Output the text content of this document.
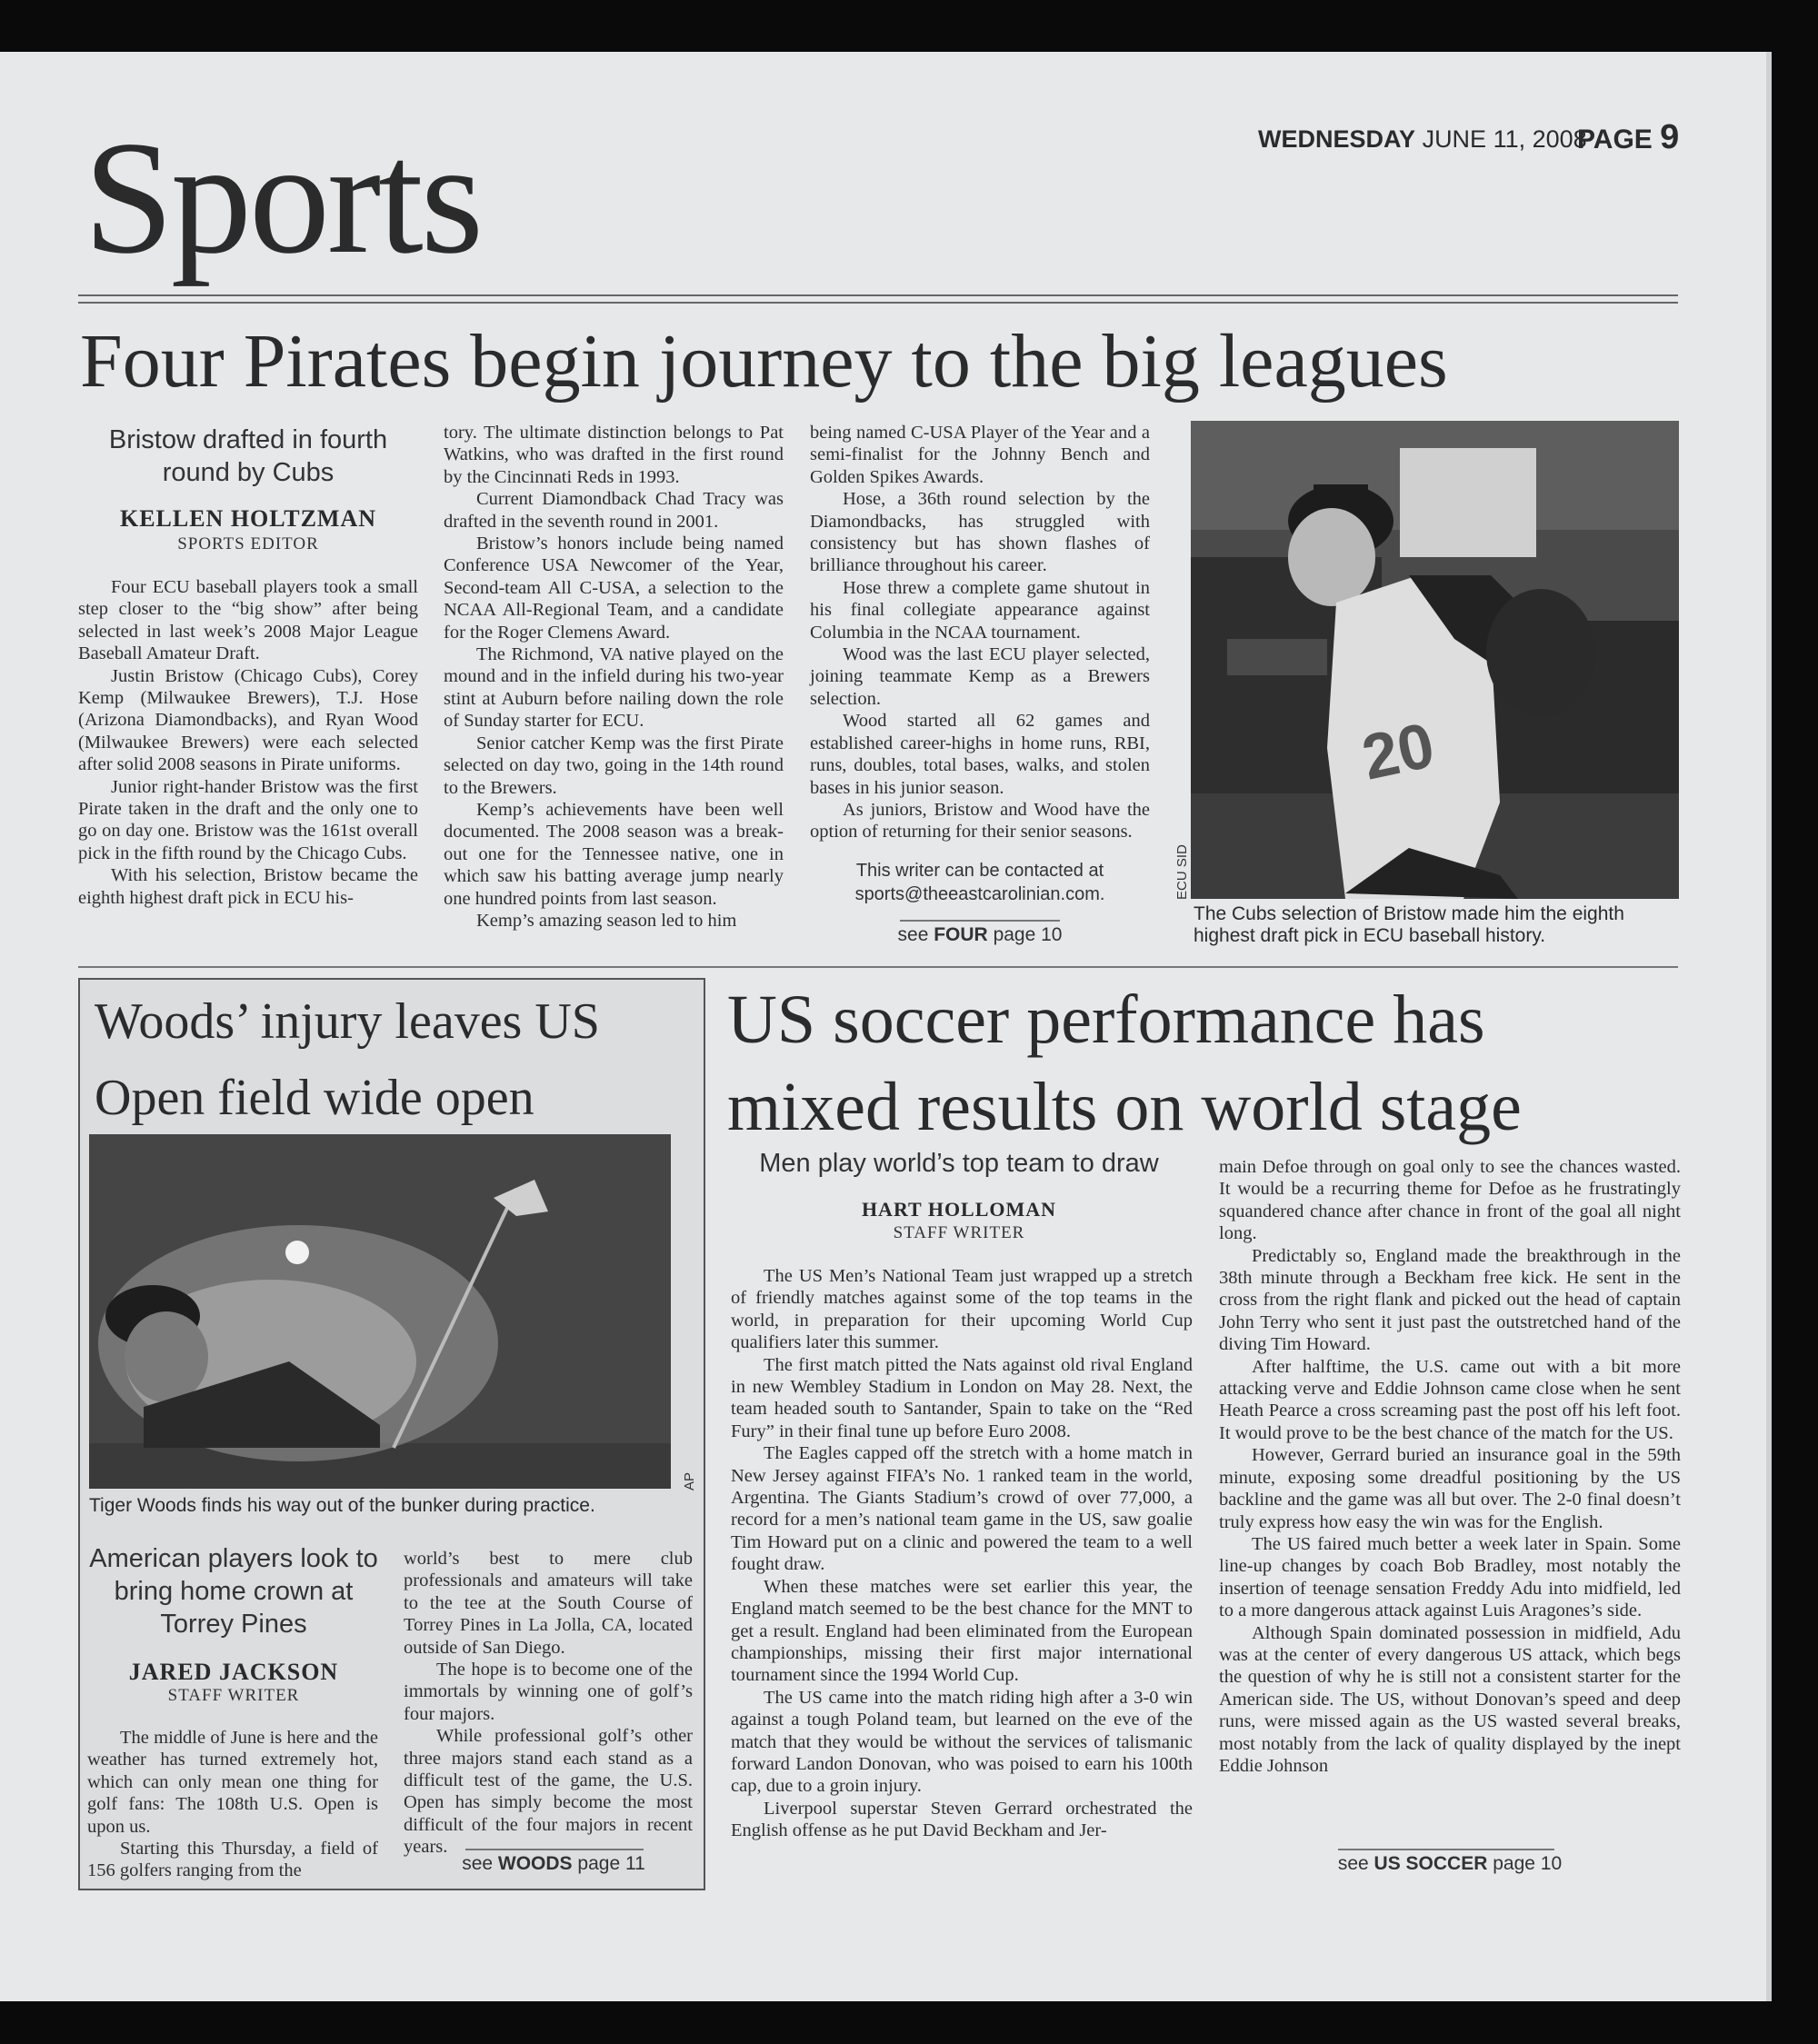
Sports	WEDNESDAY JUNE 11, 2008
PAGE 9
Four Pirates begin journey to the big leagues
Bristow drafted in fourth round by Cubs
KELLEN HOLTZMAN
SPORTS EDITOR

Four ECU baseball players took a small step closer to the “big show” after being selected in last week’s 2008 Major League Baseball Amateur Draft.

Justin Bristow (Chicago Cubs), Corey Kemp (Milwaukee Brewers), T.J. Hose (Arizona Diamondbacks), and Ryan Wood (Milwaukee Brewers) were each selected after solid 2008 seasons in Pirate uniforms.

Junior right-hander Bristow was the first Pirate taken in the draft and the only one to go on day one. Bristow was the 161st overall pick in the fifth round by the Chicago Cubs.

With his selection, Bristow became the eighth highest draft pick in ECU his-

tory. The ultimate distinction belongs to Pat Watkins, who was drafted in the first round by the Cincinnati Reds in 1993.

Current Diamondback Chad Tracy was drafted in the seventh round in 2001.

Bristow’s honors include being named Conference USA Newcomer of the Year, Second-team All C-USA, a selection to the NCAA All-Regional Team, and a candidate for the Roger Clemens Award.

The Richmond, VA native played on the mound and in the infield during his two-year stint at Auburn before nailing down the role of Sunday starter for ECU.

Senior catcher Kemp was the first Pirate selected on day two, going in the 14th round to the Brewers.

Kemp’s achievements have been well documented. The 2008 season was a break-out one for the Tennessee native, one in which saw his batting average jump nearly one hundred points from last season.

Kemp’s amazing season led to him

being named C-USA Player of the Year and a semi-finalist for the Johnny Bench and Golden Spikes Awards.

Hose, a 36th round selection by the Diamondbacks, has struggled with consistency but has shown flashes of brilliance throughout his career.

Hose threw a complete game shutout in his final collegiate appearance against Columbia in the NCAA tournament.

Wood was the last ECU player selected, joining teammate Kemp as a Brewers selection.

Wood started all 62 games and established career-highs in home runs, RBI, runs, doubles, total bases, walks, and stolen bases in his junior season.

As juniors, Bristow and Wood have the option of returning for their senior seasons.

This writer can be contacted at
sports@theeastcarolinian.com.
see FOUR page 10
20
ECU SID
The Cubs selection of Bristow made him the eighth highest draft pick in ECU baseball history.
Woods’ injury leaves US
Open field wide open
AP
Tiger Woods finds his way out of the bunker during practice.
American players look to bring home crown at Torrey Pines
JARED JACKSON
STAFF WRITER

The middle of June is here and the weather has turned extremely hot, which can only mean one thing for golf fans: The 108th U.S. Open is upon us.

Starting this Thursday, a field of 156 golfers ranging from the

world’s best to mere club professionals and amateurs will take to the tee at the South Course of Torrey Pines in La Jolla, CA, located outside of San Diego.

The hope is to become one of the immortals by winning one of golf’s four majors.

While professional golf’s other three majors stand each stand as a difficult test of the game, the U.S. Open has simply become the most difficult of the four majors in recent years.

see WOODS page 11
US soccer performance has
mixed results on world stage
Men play world’s top team to draw
HART HOLLOMAN
STAFF WRITER

The US Men’s National Team just wrapped up a stretch of friendly matches against some of the top teams in the world, in preparation for their upcoming World Cup qualifiers later this summer.

The first match pitted the Nats against old rival England in new Wembley Stadium in London on May 28. Next, the team headed south to Santander, Spain to take on the “Red Fury” in their final tune up before Euro 2008.

The Eagles capped off the stretch with a home match in New Jersey against FIFA’s No. 1 ranked team in the world, Argentina. The Giants Stadium’s crowd of over 77,000, a record for a men’s national team game in the US, saw goalie Tim Howard put on a clinic and powered the team to a well fought draw.

When these matches were set earlier this year, the England match seemed to be the best chance for the MNT to get a result. England had been eliminated from the European championships, missing their first major international tournament since the 1994 World Cup.

The US came into the match riding high after a 3-0 win against a tough Poland team, but learned on the eve of the match that they would be without the services of talismanic forward Landon Donovan, who was poised to earn his 100th cap, due to a groin injury.

Liverpool superstar Steven Gerrard orchestrated the English offense as he put David Beckham and Jer-

main Defoe through on goal only to see the chances wasted. It would be a recurring theme for Defoe as he frustratingly squandered chance after chance in front of the goal all night long.

Predictably so, England made the breakthrough in the 38th minute through a Beckham free kick. He sent in the cross from the right flank and picked out the head of captain John Terry who sent it just past the outstretched hand of the diving Tim Howard.

After halftime, the U.S. came out with a bit more attacking verve and Eddie Johnson came close when he sent Heath Pearce a cross screaming past the post off his left foot. It would prove to be the best chance of the match for the US.

However, Gerrard buried an insurance goal in the 59th minute, exposing some dreadful positioning by the US backline and the game was all but over. The 2-0 final doesn’t truly express how easy the win was for the English.

The US faired much better a week later in Spain. Some line-up changes by coach Bob Bradley, most notably the insertion of teenage sensation Freddy Adu into midfield, led to a more dangerous attack against Luis Aragones’s side.

Although Spain dominated possession in midfield, Adu was at the center of every dangerous US attack, which begs the question of why he is still not a consistent starter for the American side. The US, without Donovan’s speed and deep runs, were missed again as the US wasted several breaks, most notably from the lack of quality displayed by the inept Eddie Johnson

see US SOCCER page 10
